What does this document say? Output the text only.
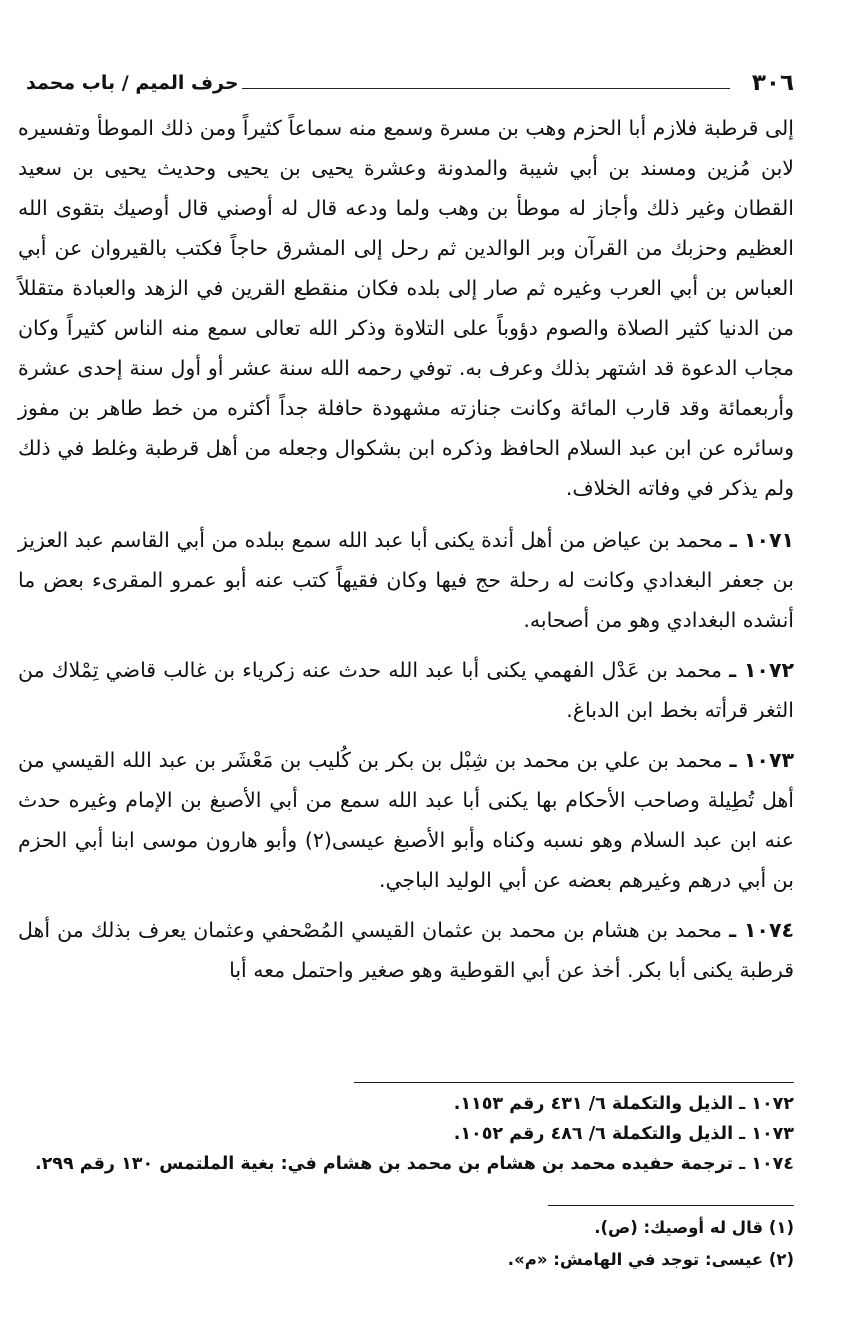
٣٠٦
حرف الميم / باب محمد

إلى قرطبة فلازم أبا الحزم وهب بن مسرة وسمع منه سماعاً كثيراً ومن ذلك الموطأ وتفسيره لابن مُزين ومسند بن أبي شيبة والمدونة وعشرة يحيى بن يحيى وحديث يحيى بن سعيد القطان وغير ذلك وأجاز له موطأ بن وهب ولما ودعه قال له أوصني قال أوصيك بتقوى الله العظيم وحزبك من القرآن وبر الوالدين ثم رحل إلى المشرق حاجاً فكتب بالقيروان عن أبي العباس بن أبي العرب وغيره ثم صار إلى بلده فكان منقطع القرين في الزهد والعبادة متقللاً من الدنيا كثير الصلاة والصوم دؤوباً على التلاوة وذكر الله تعالى سمع منه الناس كثيراً وكان مجاب الدعوة قد اشتهر بذلك وعرف به. توفي رحمه الله سنة عشر أو أول سنة إحدى عشرة وأربعمائة وقد قارب المائة وكانت جنازته مشهودة حافلة جداً أكثره من خط طاهر بن مفوز وسائره عن ابن عبد السلام الحافظ وذكره ابن بشكوال وجعله من أهل قرطبة وغلط في ذلك ولم يذكر في وفاته الخلاف.

١٠٧١ ـ محمد بن عياض من أهل أندة يكنى أبا عبد الله سمع ببلده من أبي القاسم عبد العزيز بن جعفر البغدادي وكانت له رحلة حج فيها وكان فقيهاً كتب عنه أبو عمرو المقرىء بعض ما أنشده البغدادي وهو من أصحابه.

١٠٧٢ ـ محمد بن عَدْل الفهمي يكنى أبا عبد الله حدث عنه زكرياء بن غالب قاضي تِمْلاك من الثغر قرأته بخط ابن الدباغ.

١٠٧٣ ـ محمد بن علي بن محمد بن شِبْل بن بكر بن كُليب بن مَعْشَر بن عبد الله القيسي من أهل تُطِيلة وصاحب الأحكام بها يكنى أبا عبد الله سمع من أبي الأصبغ بن الإمام وغيره حدث عنه ابن عبد السلام وهو نسبه وكناه وأبو الأصبغ عيسى(٢) وأبو هارون موسى ابنا أبي الحزم بن أبي درهم وغيرهم بعضه عن أبي الوليد الباجي.

١٠٧٤ ـ محمد بن هشام بن محمد بن عثمان القيسي المُصْحفي وعثمان يعرف بذلك من أهل قرطبة يكنى أبا بكر. أخذ عن أبي القوطية وهو صغير واحتمل معه أبا

١٠٧٢ ـ الذيل والتكملة ٦/ ٤٣١ رقم ١١٥٣.

١٠٧٣ ـ الذيل والتكملة ٦/ ٤٨٦ رقم ١٠٥٢.

١٠٧٤ ـ ترجمة حفيده محمد بن هشام بن محمد بن هشام في: بغية الملتمس ١٣٠ رقم ٢٩٩.

(١) قال له أوصيك: (ص).

(٢) عيسى: توجد في الهامش: «م».
